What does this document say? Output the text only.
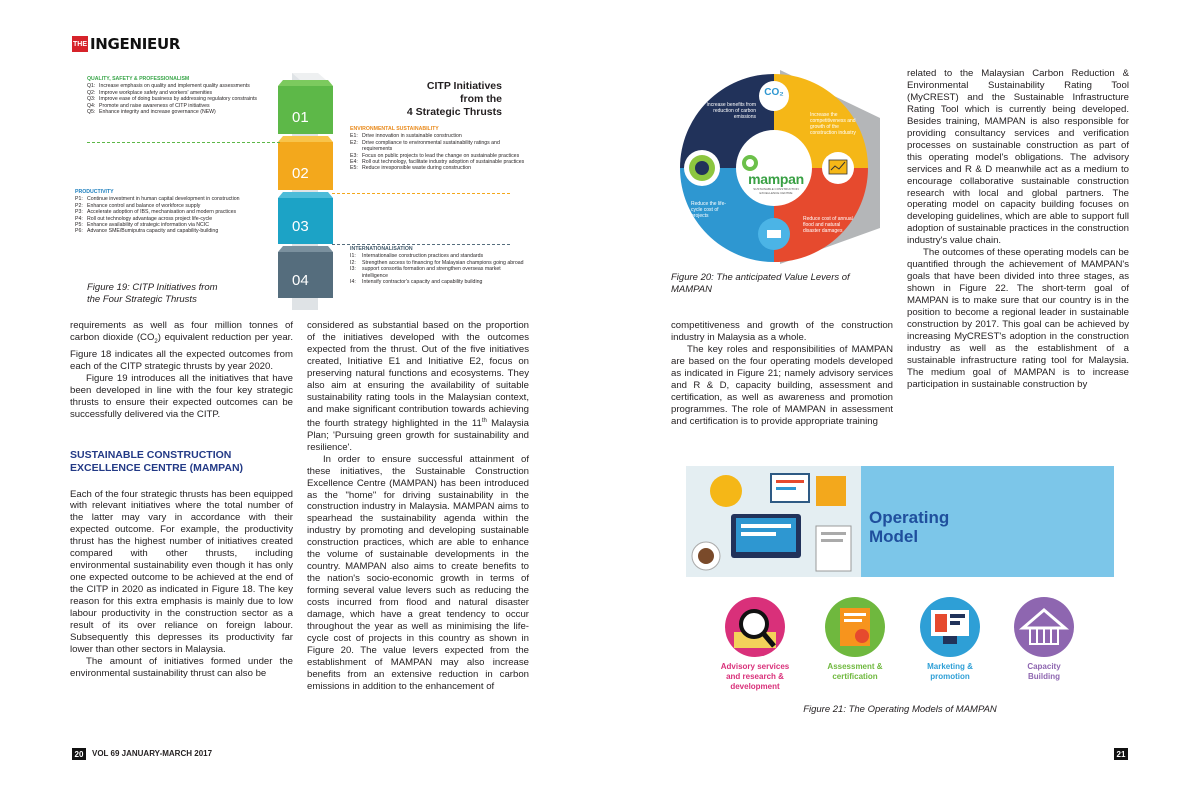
THE INGENIEUR
01
02
03
04
CITP Initiatives
from the
4 Strategic Thrusts
QUALITY, SAFETY & PROFESSIONALISM
Q1: Increase emphasis on quality and implement quality assessments
Q2: Improve workplace safety and workers' amenities
Q3: Improve ease of doing business by addressing regulatory constraints
Q4: Promote and raise awareness of CITP initiatives
Q5: Enhance integrity and increase governance (NEW)
ENVIRONMENTAL SUSTAINABILITY
E1: Drive innovation in sustainable construction
E2: Drive compliance to environmental sustainability ratings and requirements
E3: Focus on public projects to lead the change on sustainable practices
E4: Roll out technology, facilitate industry adoption of sustainable practices
E5: Reduce irresponsible waste during construction
PRODUCTIVITY
P1: Continue investment in human capital development in construction
P2: Enhance control and balance of workforce supply
P3: Accelerate adoption of IBS, mechanisation and modern practices
P4: Roll out technology advantage across project life-cycle
P5: Enhance availability of strategic information via NCIC
P6: Advance SME/Bumiputra capacity and capability-building
INTERNATIONALISATION
I1:	Internationalise construction practices and standards
I2:	Strengthen access to financing for Malaysian champions going abroad
I3:	support consortia formation and strengthen overseas market intelligence
I4:	Intensify contractor's capacity and capability building
Figure 19: CITP Initiatives from
the Four Strategic Thrusts

requirements as well as four million tonnes of carbon dioxide $(CO_2)$ equivalent reduction per year. Figure 18 indicates all the expected outcomes from each of the CITP strategic thrusts by year 2020.

Figure 19 introduces all the initiatives that have been developed in line with the four key strategic thrusts to ensure their expected outcomes can be successfully delivered via the CITP.

SUSTAINABLE CONSTRUCTION
EXCELLENCE CENTRE (MAMPAN)

Each of the four strategic thrusts has been equipped with relevant initiatives where the total number of the latter may vary in accordance with their expected outcome. For example, the productivity thrust has the highest number of initiatives created compared with other thrusts, including environmental sustainability even though it has only one expected outcome to be achieved at the end of the CITP in 2020 as indicated in Figure 18. The key reason for this extra emphasis is mainly due to low labour productivity in the construction sector as a result of its over reliance on foreign labour. Subsequently this depresses its productivity far lower than other sectors in Malaysia.

The amount of initiatives formed under the environmental sustainability thrust can also be

considered as substantial based on the proportion of the initiatives developed with the outcomes expected from the thrust. Out of the five initiatives created, Initiative E1 and Initiative E2, focus on preserving natural functions and ecosystems. They also aim at ensuring the availability of suitable sustainability rating tools in the Malaysian context, and make significant contribution towards achieving the fourth strategy highlighted in the 11th Malaysia Plan; 'Pursuing green growth for sustainability and resilience'.

In order to ensure successful attainment of these initiatives, the Sustainable Construction Excellence Centre (MAMPAN) has been introduced as the "home" for driving sustainability in the construction industry in Malaysia. MAMPAN aims to spearhead the sustainability agenda within the industry by promoting and developing sustainable construction practices, which are able to enhance the volume of sustainable developments in the country. MAMPAN also aims to create benefits to the nation's socio-economic growth in terms of forming several value levers such as reducing the costs incurred from flood and natural disaster damage, which have a great tendency to occur throughout the year as well as minimising the life-cycle cost of projects in this country as shown in Figure 20. The value levers expected from the establishment of MAMPAN may also increase benefits from an extensive reduction in carbon emissions in addition to the enhancement of

CO₂
mampan
SUSTAINABLE CONSTRUCTION EXCELLENCE CENTRE
Increase benefits from reduction of carbon emissions	Increase the competitiveness and growth of the construction industry
Reduce the life-cycle cost of projects	Reduce cost of annual flood and natural disaster damages
Figure 20: The anticipated Value Levers of
MAMPAN

competitiveness and growth of the construction industry in Malaysia as a whole.

The key roles and responsibilities of MAMPAN are based on the four operating models developed as indicated in Figure 21; namely advisory services and R & D, capacity building, assessment and certification, as well as awareness and promotion programmes. The role of MAMPAN in assessment and certification is to provide appropriate training

related to the Malaysian Carbon Reduction & Environmental Sustainability Rating Tool (MyCREST) and the Sustainable Infrastructure Rating Tool which is currently being developed. Besides training, MAMPAN is also responsible for providing consultancy services and verification processes on sustainable construction as part of this operating model's obligations. The advisory services and R & D meanwhile act as a medium to encourage collaborative sustainable construction research with local and global partners. The operating model on capacity building focuses on developing guidelines, which are able to support full adoption of sustainable practices in the construction industry's value chain.

The outcomes of these operating models can be quantified through the achievement of MAMPAN's goals that have been divided into three stages, as shown in Figure 22. The short-term goal of MAMPAN is to make sure that our country is in the position to become a regional leader in sustainable construction by 2017. This goal can be achieved by increasing MyCREST's adoption in the construction industry as well as the establishment of a sustainable infrastructure rating tool for Malaysia. The medium goal of MAMPAN is to increase participation in sustainable construction by

Operating
Model
Advisory services
and research &
development
Assessment &
certification
Marketing &
promotion
Capacity
Building
Figure 21: The Operating Models of MAMPAN
20	VOL 69 JANUARY-MARCH 2017	21
